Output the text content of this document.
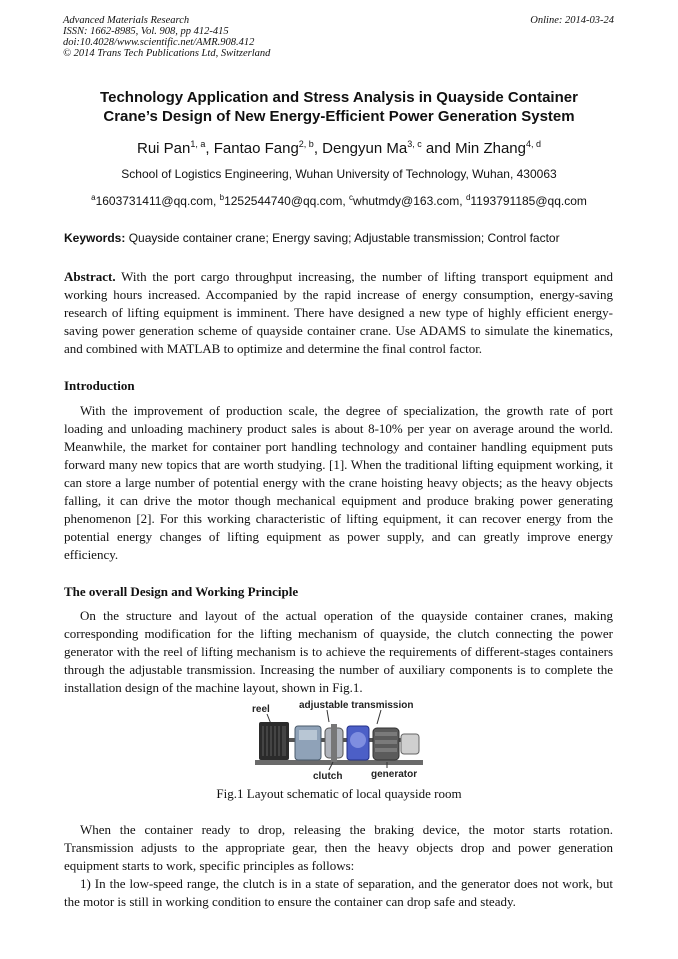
Advanced Materials Research
ISSN: 1662-8985, Vol. 908, pp 412-415
doi:10.4028/www.scientific.net/AMR.908.412
© 2014 Trans Tech Publications Ltd, Switzerland
Online: 2014-03-24
Technology Application and Stress Analysis in Quayside Container
Crane’s Design of New Energy-Efficient Power Generation System
Rui Pan$^{1, a}$, Fantao Fang$^{2, b}$, Dengyun Ma$^{3, c}$ and Min Zhang$^{4, d}$
School of Logistics Engineering, Wuhan University of Technology, Wuhan, 430063
$^a$1603731411@qq.com, $^b$1252544740@qq.com, $^c$whutmdy@163.com, $^d$1193791185@qq.com
Keywords: Quayside container crane; Energy saving; Adjustable transmission; Control factor
Abstract. With the port cargo throughput increasing, the number of lifting transport equipment and working hours increased. Accompanied by the rapid increase of energy consumption, energy-saving research of lifting equipment is imminent. There have designed a new type of highly efficient energy-saving power generation scheme of quayside container crane. Use ADAMS to simulate the kinematics, and combined with MATLAB to optimize and determine the final control factor.
Introduction
With the improvement of production scale, the degree of specialization, the growth rate of port loading and unloading machinery product sales is about 8-10% per year on average around the world. Meanwhile, the market for container port handling technology and container handling equipment puts forward many new topics that are worth studying. [1]. When the traditional lifting equipment working, it can store a large number of potential energy with the crane hoisting heavy objects; as the heavy objects falling, it can drive the motor though mechanical equipment and produce braking power generating phenomenon [2]. For this working characteristic of lifting equipment, it can recover energy from the potential energy changes of lifting equipment as power supply, and can greatly improve energy efficiency.
The overall Design and Working Principle
On the structure and layout of the actual operation of the quayside container cranes, making corresponding modification for the lifting mechanism of quayside, the clutch connecting the power generator with the reel of lifting mechanism is to achieve the requirements of different-stages containers through the adjustable transmission. Increasing the number of auxiliary components is to complete the installation design of the machine layout, shown in Fig.1.
reel	adjustable transmission
clutch	generator
Fig.1 Layout schematic of local quayside room
When the container ready to drop, releasing the braking device, the motor starts rotation. Transmission adjusts to the appropriate gear, then the heavy objects drop and power generation equipment starts to work, specific principles as follows:
1) In the low-speed range, the clutch is in a state of separation, and the generator does not work, but the motor is still in working condition to ensure the container can drop safe and steady.
